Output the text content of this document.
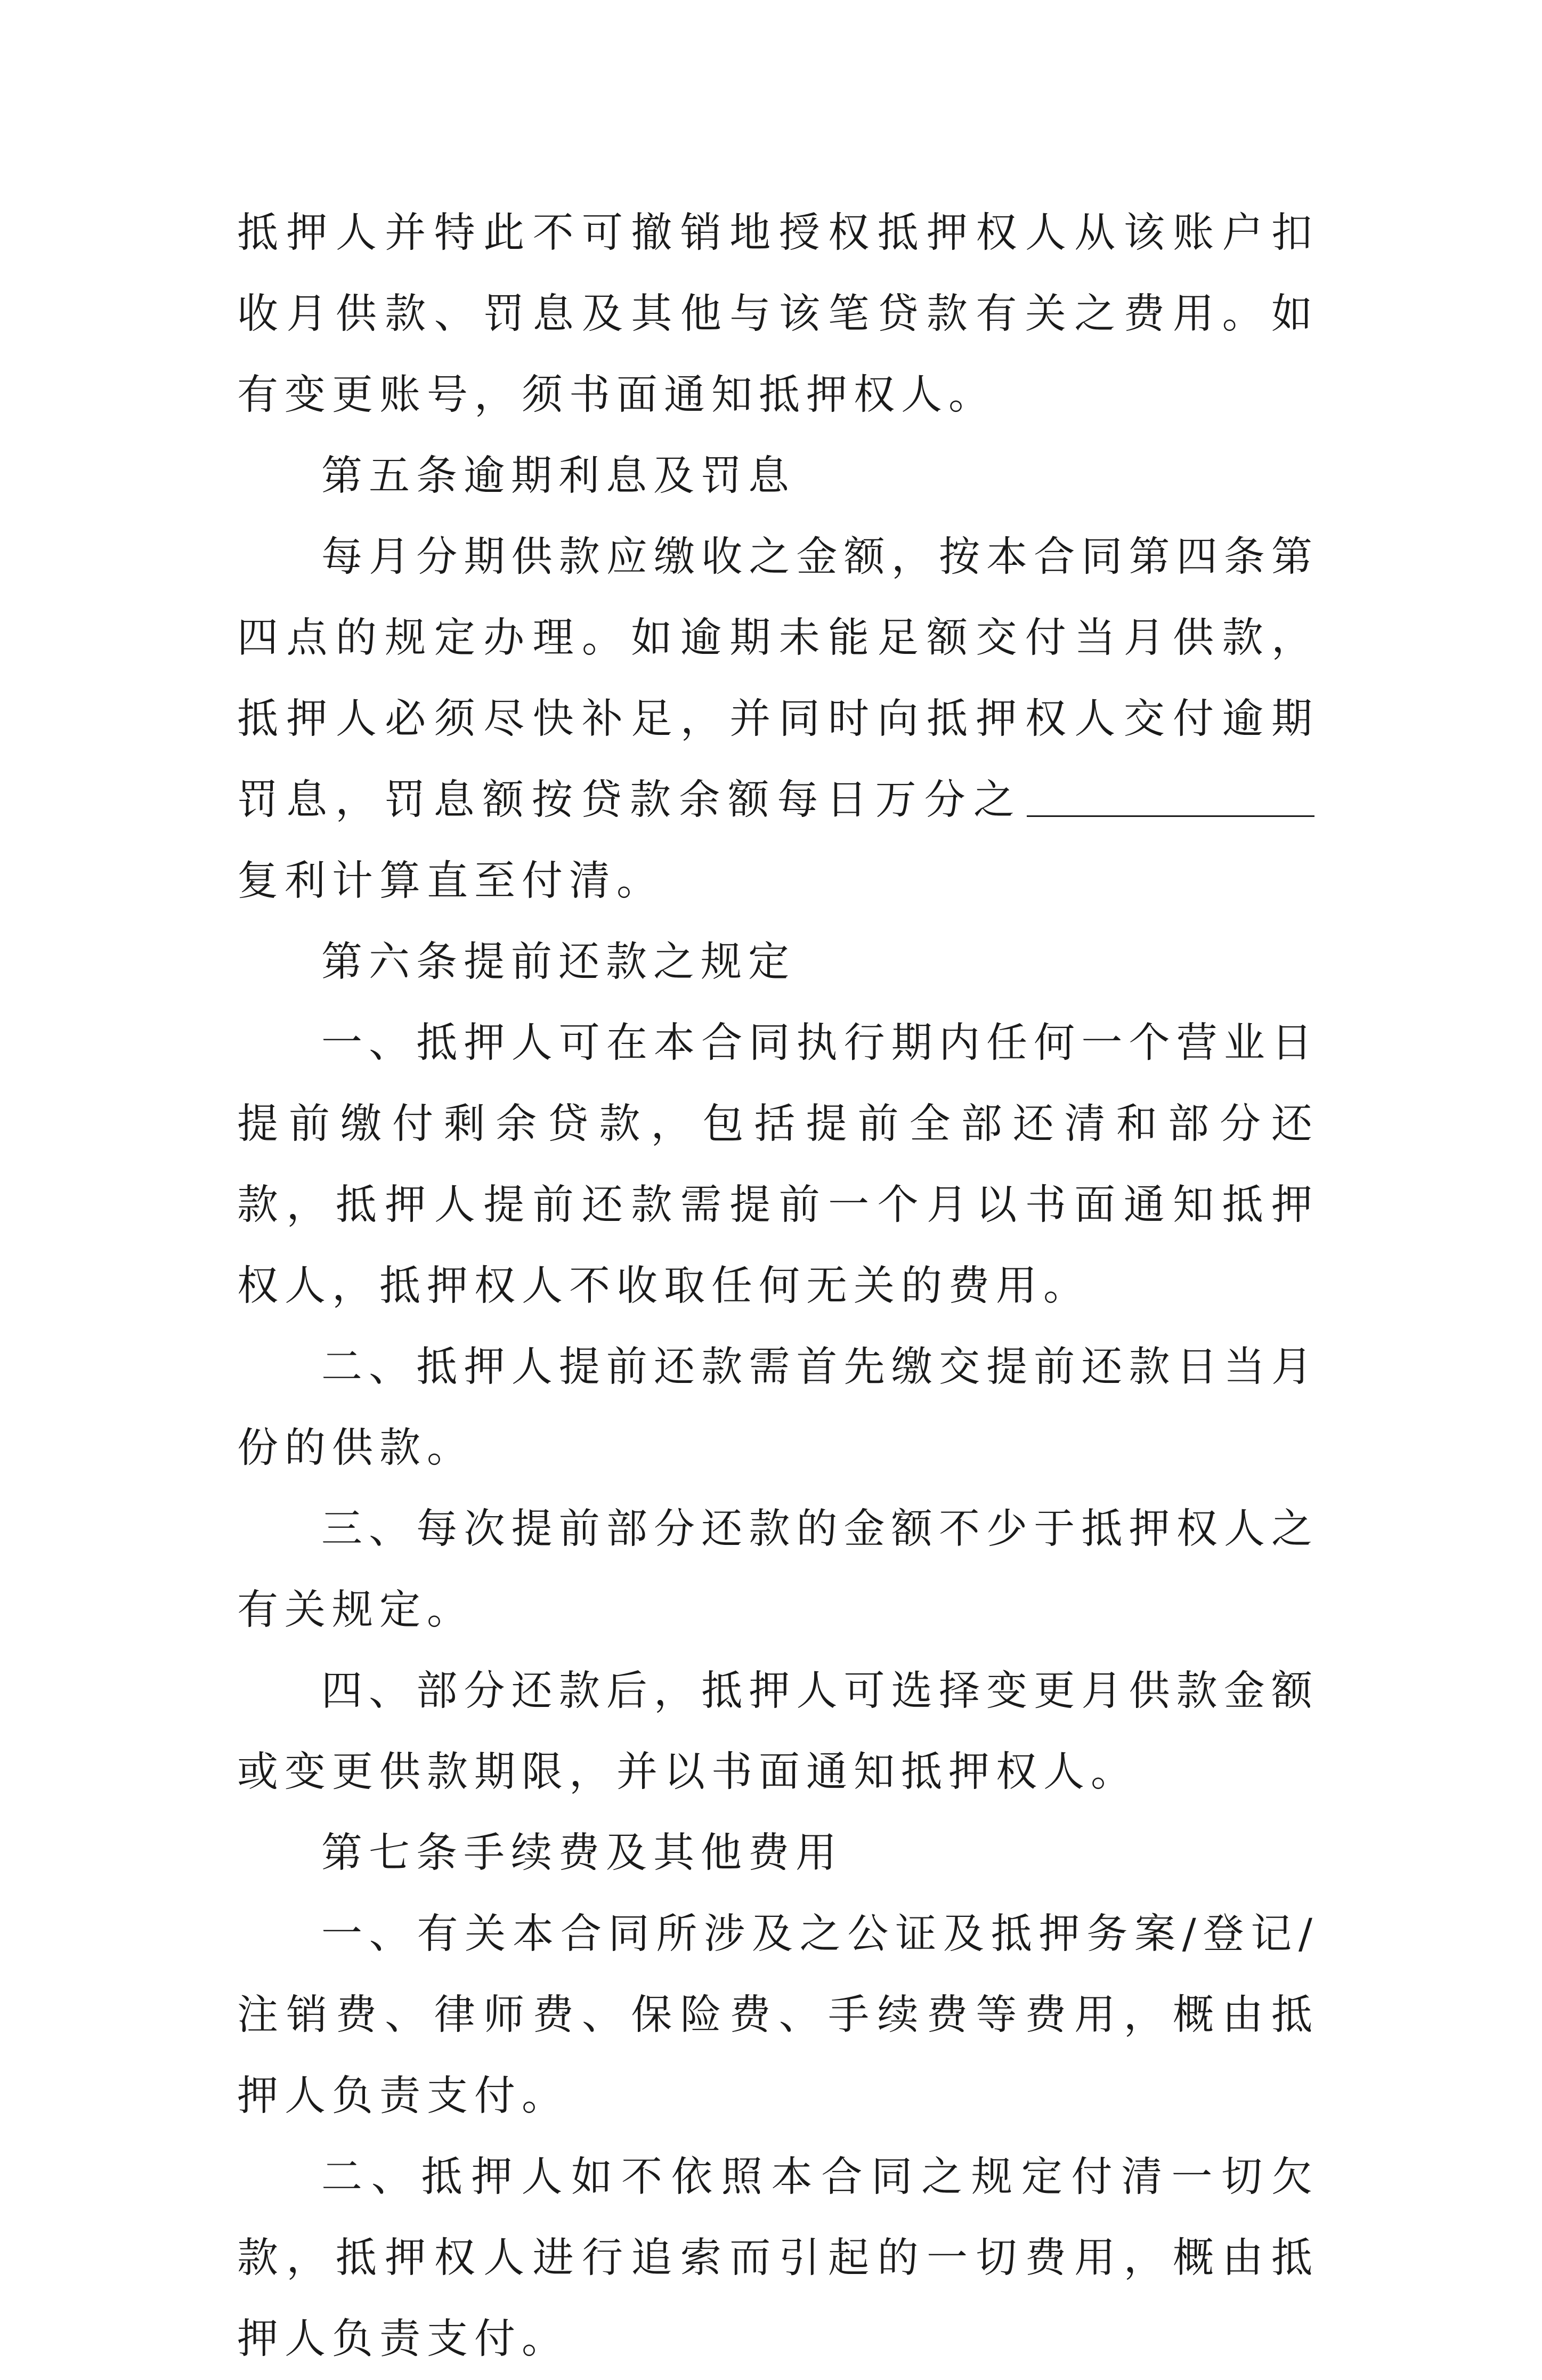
抵押人并特此不可撤销地授权抵押权人从该账户扣收月供款、罚息及其他与该笔贷款有关之费用。如有变更账号，须书面通知抵押权人。

第五条逾期利息及罚息

每月分期供款应缴收之金额，按本合同第四条第四点的规定办理。如逾期未能足额交付当月供款，抵押人必须尽快补足，并同时向抵押权人交付逾期罚息，罚息额按贷款余额每日万分之复利计算直至付清。

第六条提前还款之规定

一、抵押人可在本合同执行期内任何一个营业日提前缴付剩余贷款，包括提前全部还清和部分还款，抵押人提前还款需提前一个月以书面通知抵押权人，抵押权人不收取任何无关的费用。

二、抵押人提前还款需首先缴交提前还款日当月份的供款。

三、每次提前部分还款的金额不少于抵押权人之有关规定。

四、部分还款后，抵押人可选择变更月供款金额或变更供款期限，并以书面通知抵押权人。

第七条手续费及其他费用

一、有关本合同所涉及之公证及抵押务案/登记/注销费、律师费、保险费、手续费等费用，概由抵押人负责支付。

二、抵押人如不依照本合同之规定付清一切欠款，抵押权人进行追索而引起的一切费用，概由抵押人负责支付。
